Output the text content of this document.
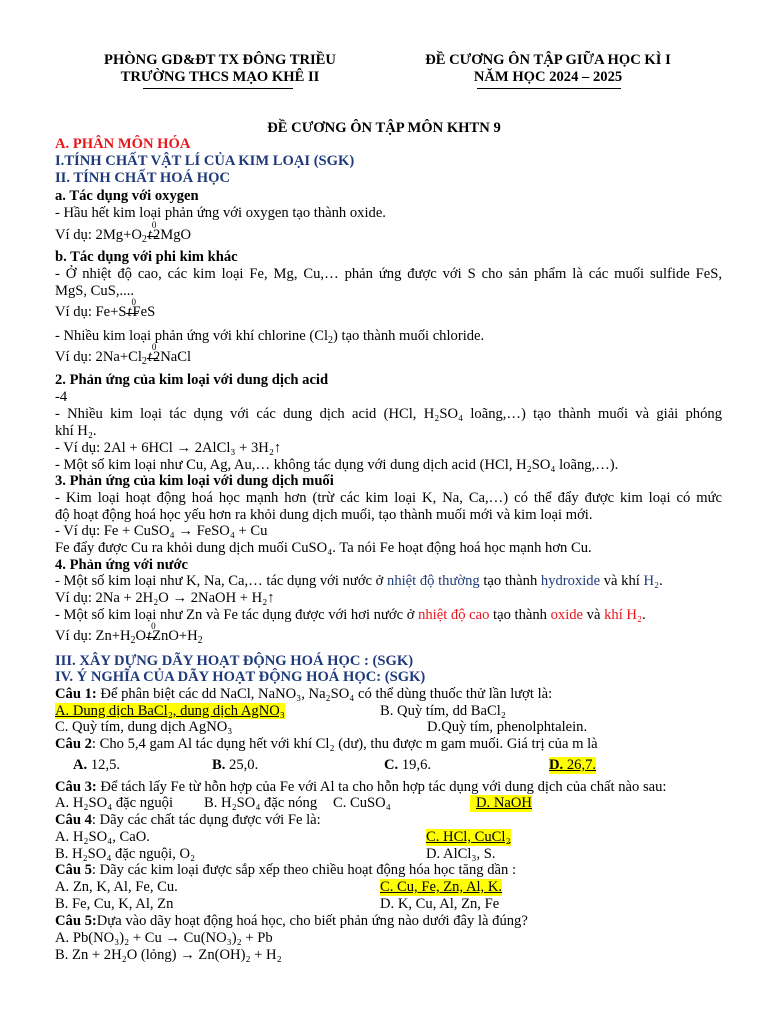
PHÒNG GD&ĐT TX ĐÔNG TRIỀU
TRƯỜNG THCS MẠO KHÊ II
ĐỀ CƯƠNG ÔN TẬP GIỮA HỌC KÌ I
NĂM HỌC 2024 – 2025
ĐỀ CƯƠNG ÔN TẬP MÔN KHTN 9
A. PHÂN MÔN HÓA
I.TÍNH CHẤT VẬT LÍ CỦA KIM LOẠI (SGK)
II. TÍNH CHẤT HOÁ HỌC
a. Tác dụng với oxygen
- Hầu hết kim loại phản ứng với oxygen tạo thành oxide.
Ví dụ: $2Mg+O_2t$
0
2MgO
b. Tác dụng với phi kim khác
- Ở nhiệt độ cao, các kim loại Fe, Mg, Cu,… phản ứng được với S cho sản phẩm là các muối sulfide FeS,
MgS, CuS,....
Ví dụ: Fe+St
0
FeS
- Nhiều kim loại phản ứng với khí chlorine $(Cl_2)$ tạo thành muối chloride.
Ví dụ: $2Na+Cl_2t$
0
2NaCl
2. Phản ứng của kim loại với dung dịch acid
-4
- Nhiều kim loại tác dụng với các dung dịch acid (HCl, H₂SO₄ loãng,…) tạo thành muối và giải phóng
khí H₂.
- Ví dụ: 2Al + 6HCl → 2AlCl₃ + 3H₂↑
- Một số kim loại như Cu, Ag, Au,… không tác dụng với dung dịch acid (HCl, H₂SO₄ loãng,…).
3. Phản ứng của kim loại với dung dịch muối
- Kim loại hoạt động hoá học mạnh hơn (trừ các kim loại K, Na, Ca,…) có thể đẩy được kim loại có mức
độ hoạt động hoá học yếu hơn ra khỏi dung dịch muối, tạo thành muối mới và kim loại mới.
- Ví dụ: Fe + CuSO₄ → FeSO₄ + Cu
Fe đẩy được Cu ra khỏi dung dịch muối CuSO₄. Ta nói Fe hoạt động hoá học mạnh hơn Cu.
4. Phản ứng với nước
- Một số kim loại như K, Na, Ca,… tác dụng với nước ở nhiệt độ thường tạo thành hydroxide và khí H₂.
Ví dụ: 2Na + 2H₂O → 2NaOH + H₂↑
- Một số kim loại như Zn và Fe tác dụng được với hơi nước ở nhiệt độ cao tạo thành oxide và khí H₂.
Ví dụ: $Zn+H_2Ot$
0
$ZnO+H_2$
III. XÂY DỰNG DÃY HOẠT ĐỘNG HOÁ HỌC : (SGK)
IV. Ý NGHĨA CỦA DÃY HOẠT ĐỘNG HOÁ HỌC: (SGK)
Câu 1: Để phân biệt các dd NaCl, NaNO₃, Na₂SO₄ có thể dùng thuốc thử lần lượt là:
A. Dung dịch BaCl₂, dung dịch AgNO₃	B. Quỳ tím, dd BaCl₂
C. Quỳ tím, dung dịch AgNO₃	D.Quỳ tím, phenolphtalein.
Câu 2: Cho 5,4 gam Al tác dụng hết với khí Cl₂ (dư), thu được m gam muối. Giá trị của m là
A. 12,5.	B. 25,0.	C. 19,6.	D. 26,7.
Câu 3: Để tách lấy Fe từ hỗn hợp của Fe với Al ta cho hỗn hợp tác dụng với dung dịch của chất nào sau:
A. H₂SO₄ đặc nguội B. H₂SO₄ đặc nóng C. CuSO₄	D. NaOH
Câu 4: Dãy các chất tác dụng được với Fe là:
A. H₂SO₄, CaO.	C. HCl, CuCl₂
B. H₂SO₄ đặc nguội, O₂	D. AlCl₃, S.
Câu 5: Dãy các kim loại được sắp xếp theo chiều hoạt động hóa học tăng dần :
A. Zn, K, Al, Fe, Cu.	C. Cu, Fe, Zn, Al, K.
B. Fe, Cu, K, Al, Zn	D. K, Cu, Al, Zn, Fe
Câu 5:Dựa vào dãy hoạt động hoá học, cho biết phản ứng nào dưới đây là đúng?
A. Pb(NO₃)₂ + Cu → Cu(NO₃)₂ + Pb
B. Zn + 2H₂O (lỏng) → Zn(OH)₂ + H₂
